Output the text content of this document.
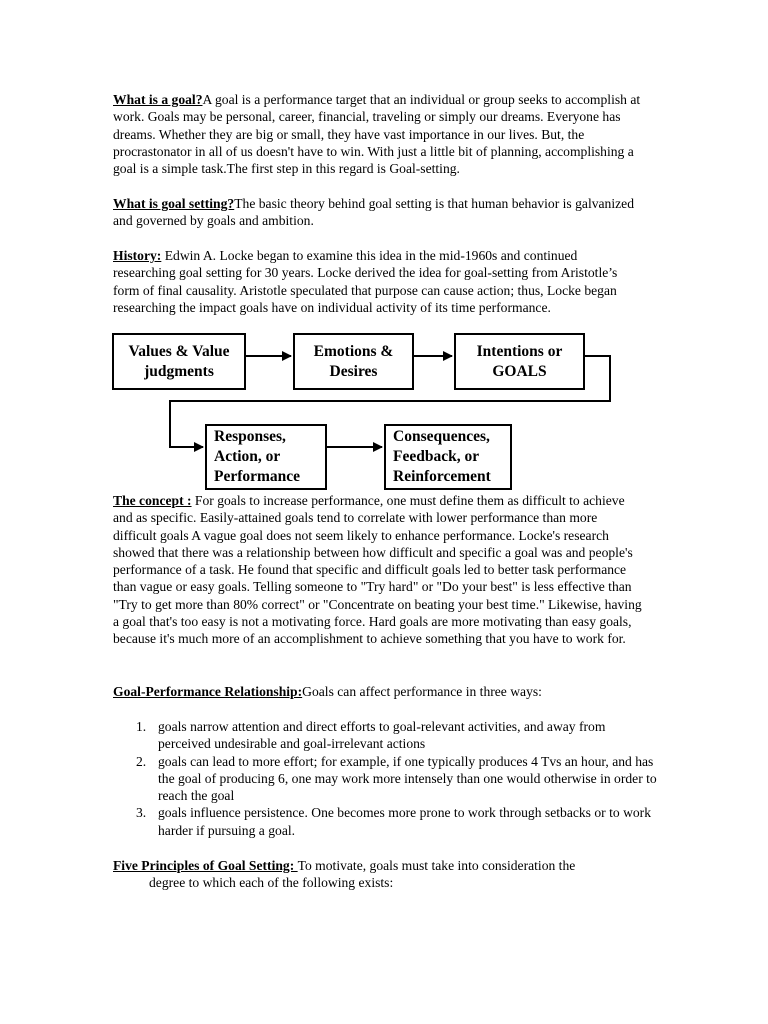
What is a goal?A goal is a performance target that an individual or group seeks to accomplish at work. Goals may be personal, career, financial, traveling or simply our dreams. Everyone has dreams. Whether they are big or small, they have vast importance in our lives. But, the procrastonator in all of us doesn't have to win. With just a little bit of planning, accomplishing a goal is a simple task.The first step in this regard is Goal-setting.
What is goal setting?The basic theory behind goal setting is that human behavior is galvanized and governed by goals and ambition.
History: Edwin A. Locke began to examine this idea in the mid-1960s and continued researching goal setting for 30 years. Locke derived the idea for goal-setting from Aristotle’s form of final causality. Aristotle speculated that purpose can cause action; thus, Locke began researching the impact goals have on individual activity of its time performance.
Values & Value judgments
Emotions & Desires
Intentions or GOALS
Responses, Action, or Performance
Consequences, Feedback, or Reinforcement
The concept : For goals to increase performance, one must define them as difficult to achieve and as specific. Easily-attained goals tend to correlate with lower performance than more difficult goals A vague goal does not seem likely to enhance performance. Locke's research showed that there was a relationship between how difficult and specific a goal was and people's performance of a task. He found that specific and difficult goals led to better task performance than vague or easy goals. Telling someone to "Try hard" or "Do your best" is less effective than "Try to get more than 80% correct" or "Concentrate on beating your best time." Likewise, having a goal that's too easy is not a motivating force. Hard goals are more motivating than easy goals, because it's much more of an accomplishment to achieve something that you have to work for.
Goal-Performance Relationship:Goals can affect performance in three ways:
1. goals narrow attention and direct efforts to goal-relevant activities, and away from perceived undesirable and goal-irrelevant actions
2. goals can lead to more effort; for example, if one typically produces 4 Tvs an hour, and has the goal of producing 6, one may work more intensely than one would otherwise in order to reach the goal
3. goals influence persistence. One becomes more prone to work through setbacks or to work harder if pursuing a goal.
Five Principles of Goal Setting: To motivate, goals must take into consideration the
degree to which each of the following exists:
